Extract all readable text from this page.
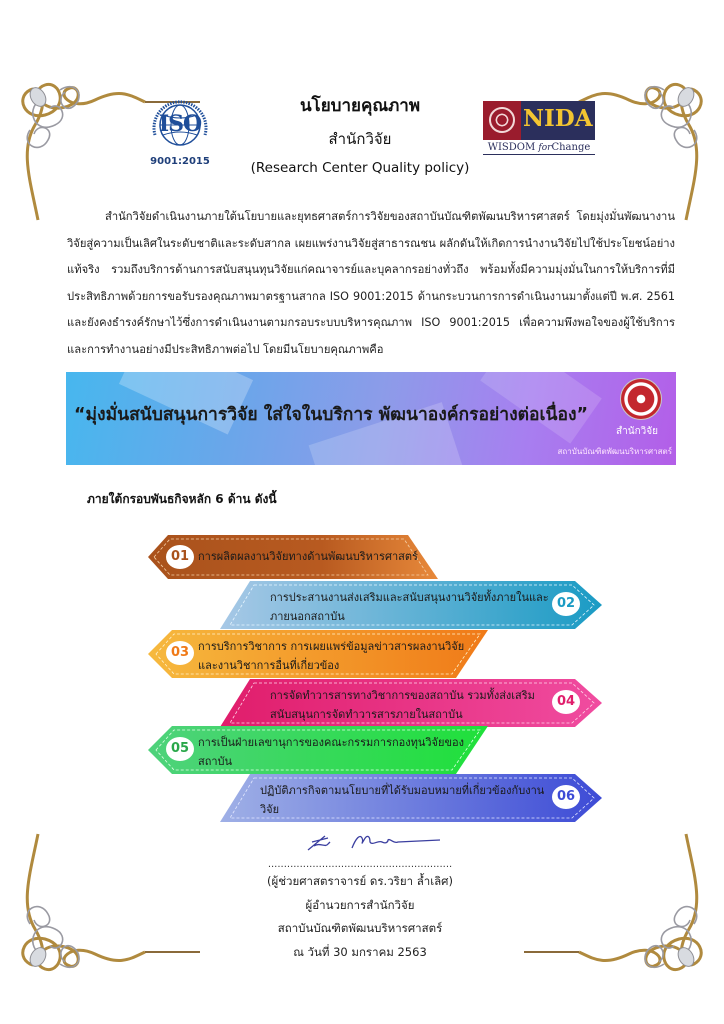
ISO
9001:2015
นโยบายคุณภาพ
สำนักวิจัย
(Research Center Quality policy)
NIDA
WISDOM forChange
สำนักวิจัยดำเนินงานภายใต้นโยบายและยุทธศาสตร์การวิจัยของสถาบันบัณฑิตพัฒนบริหารศาสตร์ โดยมุ่งมั่นพัฒนางานวิจัยสู่ความเป็นเลิศในระดับชาติและระดับสากล เผยแพร่งานวิจัยสู่สาธารณชน ผลักดันให้เกิดการนำงานวิจัยไปใช้ประโยชน์อย่างแท้จริง รวมถึงบริการด้านการสนับสนุนทุนวิจัยแก่คณาจารย์และบุคลากรอย่างทั่วถึง พร้อมทั้งมีความมุ่งมั่นในการให้บริการที่มีประสิทธิภาพด้วยการขอรับรองคุณภาพมาตรฐานสากล ISO 9001:2015 ด้านกระบวนการการดำเนินงานมาตั้งแต่ปี พ.ศ. 2561 และยังคงธำรงค์รักษาไว้ซึ่งการดำเนินงานตามกรอบระบบบริหารคุณภาพ ISO 9001:2015 เพื่อความพึงพอใจของผู้ใช้บริการและการทำงานอย่างมีประสิทธิภาพต่อไป โดยมีนโยบายคุณภาพคือ
“มุ่งมั่นสนับสนุนการวิจัย ใส่ใจในบริการ พัฒนาองค์กรอย่างต่อเนื่อง”
สำนักวิจัย
สถาบันบัณฑิตพัฒนบริหารศาสตร์
ภายใต้กรอบพันธกิจหลัก 6 ด้าน ดังนี้
01 การผลิตผลงานวิจัยทางด้านพัฒนบริหารศาสตร์
02
การประสานงานส่งเสริมและสนับสนุนงานวิจัยทั้งภายในและภายนอกสถาบัน
03 การบริการวิชาการ การเผยแพร่ข้อมูลข่าวสารผลงานวิจัยและงานวิชาการอื่นที่เกี่ยวข้อง
04
การจัดทำวารสารทางวิชาการของสถาบัน รวมทั้งส่งเสริมสนับสนุนการจัดทำวารสารภายในสถาบัน
05 การเป็นฝ่ายเลขานุการของคณะกรรมการกองทุนวิจัยของสถาบัน
06
ปฏิบัติภารกิจตามนโยบายที่ได้รับมอบหมายที่เกี่ยวข้องกับงานวิจัย
..........................................................
(ผู้ช่วยศาสตราจารย์ ดร.วริยา ล้ำเลิศ)
ผู้อำนวยการสำนักวิจัย
สถาบันบัณฑิตพัฒนบริหารศาสตร์
ณ วันที่ 30 มกราคม 2563
